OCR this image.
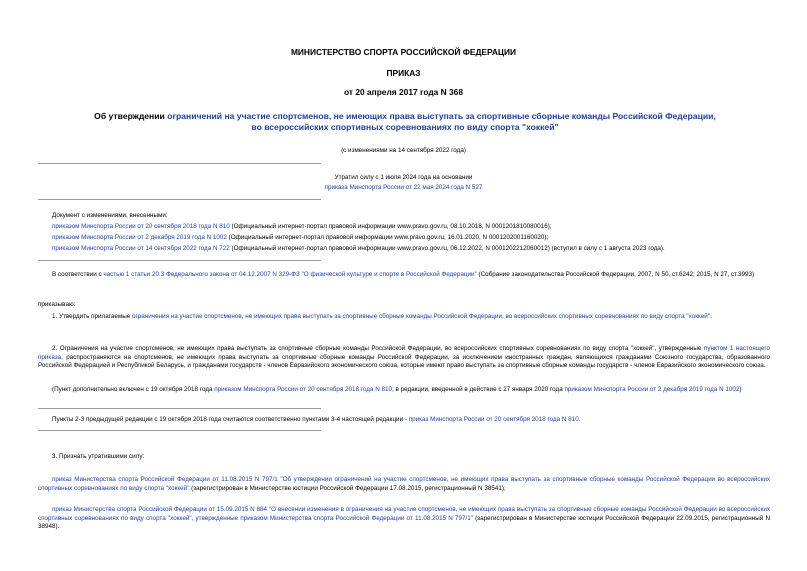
МИНИСТЕРСТВО СПОРТА РОССИЙСКОЙ ФЕДЕРАЦИИ
ПРИКАЗ
от 20 апреля 2017 года N 368
Об утверждении ограничений на участие спортсменов, не имеющих права выступать за спортивные сборные команды Российской Федерации, во всероссийских спортивных соревнованиях по виду спорта "хоккей"
(с изменениями на 14 сентября 2022 года)
Утратил силу с 1 июля 2024 года на основании
приказа Минспорта России от 22 мая 2024 года N 527
Документ с изменениями, внесенными:
приказом Минспорта России от 20 сентября 2018 года N 810 (Официальный интернет-портал правовой информации www.pravo.gov.ru, 08.10.2018, N 0001201810080016);
приказом Минспорта России от 2 декабря 2019 года N 1002 (Официальный интернет-портал правовой информации www.pravo.gov.ru, 16.01.2020, N 0001202001160020);
приказом Минспорта России от 14 сентября 2022 года N 722 (Официальный интернет-портал правовой информации www.pravo.gov.ru, 06.12.2022, N 0001202212060012) (вступил в силу с 1 августа 2023 года).
В соответствии с частью 1 статьи 20.3 Федерального закона от 04.12.2007 N 329-ФЗ "О физической культуре и спорте в Российской Федерации" (Собрание законодательства Российской Федерации, 2007, N 50, ст.6242; 2015, N 27, ст.3993)
приказываю:
1. Утвердить прилагаемые ограничения на участие спортсменов, не имеющих права выступать за спортивные сборные команды Российской Федерации, во всероссийских спортивных соревнованиях по виду спорта "хоккей".
2. Ограничения на участие спортсменов, не имеющих права выступать за спортивные сборные команды Российской Федерации, во всероссийских спортивных соревнованиях по виду спорта "хоккей", утвержденные пунктом 1 настоящего приказа, распространяются на спортсменов, не имеющих права выступать за спортивные сборные команды Российской Федерации, за исключением иностранных граждан, являющихся гражданами Союзного государства, образованного Российской Федерацией и Республикой Беларусь, и гражданами государств - членов Евразийского экономического союза, которые имеют право выступать за спортивные сборные команды государств - членов Евразийского экономического союза.
(Пункт дополнительно включен с 19 октября 2018 года приказом Минспорта России от 20 сентября 2018 года N 810; в редакции, введенной в действие с 27 января 2020 года приказом Минспорта России от 2 декабря 2019 года N 1002)
Пункты 2-3 предыдущей редакции с 19 октября 2018 года считаются соответственно пунктами 3-4 настоящей редакции - приказ Минспорта России от 20 сентября 2018 года N 810.
3. Признать утратившими силу:
приказ Министерства спорта Российской Федерации от 11.08.2015 N 797/1 "Об утверждении ограничений на участие спортсменов, не имеющих права выступать за спортивные сборные команды Российской Федерации во всероссийских спортивных соревнованиях по виду спорта "хоккей" (зарегистрирован в Министерстве юстиции Российской Федерации 17.08.2015, регистрационный N 38541);
приказ Министерства спорта Российской Федерации от 15.09.2015 N 884 "О внесении изменения в ограничения на участие спортсменов, не имеющих права выступать за спортивные сборные команды Российской Федерации во всероссийских спортивных соревнованиях по виду спорта "хоккей", утвержденные приказом Министерства спорта Российской Федерации от 11.08.2015 N 797/1" (зарегистрирован в Министерстве юстиции Российской Федерации 22.09.2015, регистрационный N 38948).
